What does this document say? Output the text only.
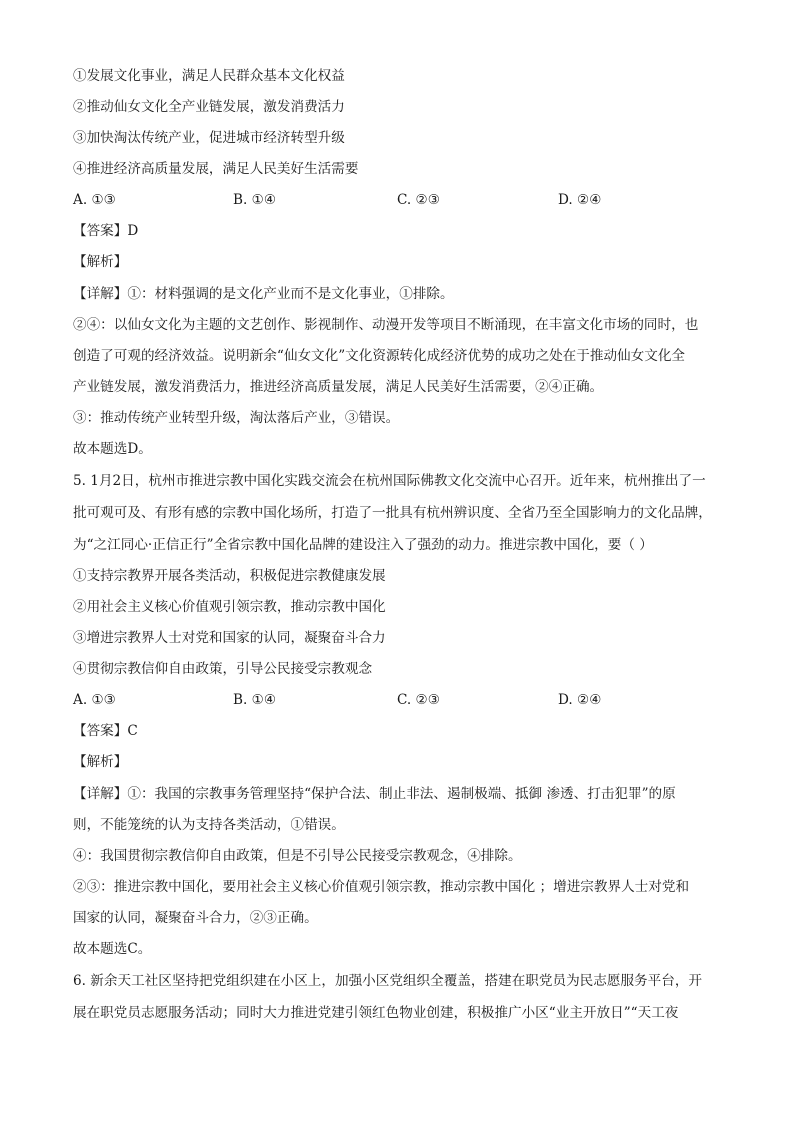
①发展文化事业，满足人民群众基本文化权益
②推动仙女文化全产业链发展，激发消费活力
③加快淘汰传统产业，促进城市经济转型升级
④推进经济高质量发展，满足人民美好生活需要
A. ①③	B. ①④	C. ②③	D. ②④
【答案】D
【解析】
【详解】①：材料强调的是文化产业而不是文化事业，①排除。
②④：以仙女文化为主题的文艺创作、影视制作、动漫开发等项目不断涌现，在丰富文化市场的同时，也
创造了可观的经济效益。说明新余“仙女文化”文化资源转化成经济优势的成功之处在于推动仙女文化全
产业链发展，激发消费活力，推进经济高质量发展，满足人民美好生活需要，②④正确。
③：推动传统产业转型升级，淘汰落后产业，③错误。
故本题选D。
5. 1月2日，杭州市推进宗教中国化实践交流会在杭州国际佛教文化交流中心召开。近年来，杭州推出了一
批可观可及、有形有感的宗教中国化场所，打造了一批具有杭州辨识度、全省乃至全国影响力的文化品牌，
为“之江同心·正信正行”全省宗教中国化品牌的建设注入了强劲的动力。推进宗教中国化，要（ ）
①支持宗教界开展各类活动，积极促进宗教健康发展
②用社会主义核心价值观引领宗教，推动宗教中国化
③增进宗教界人士对党和国家的认同，凝聚奋斗合力
④贯彻宗教信仰自由政策，引导公民接受宗教观念
A. ①③	B. ①④	C. ②③	D. ②④
【答案】C
【解析】
【详解】①：我国的宗教事务管理坚持“保护合法、制止非法、遏制极端、抵御 渗透、打击犯罪”的原
则，不能笼统的认为支持各类活动，①错误。
④：我国贯彻宗教信仰自由政策，但是不引导公民接受宗教观念，④排除。
②③：推进宗教中国化，要用社会主义核心价值观引领宗教，推动宗教中国化 ；增进宗教界人士对党和
国家的认同，凝聚奋斗合力，②③正确。
故本题选C。
6. 新余天工社区坚持把党组织建在小区上，加强小区党组织全覆盖，搭建在职党员为民志愿服务平台，开
展在职党员志愿服务活动；同时大力推进党建引领红色物业创建，积极推广小区“业主开放日”“天工夜
